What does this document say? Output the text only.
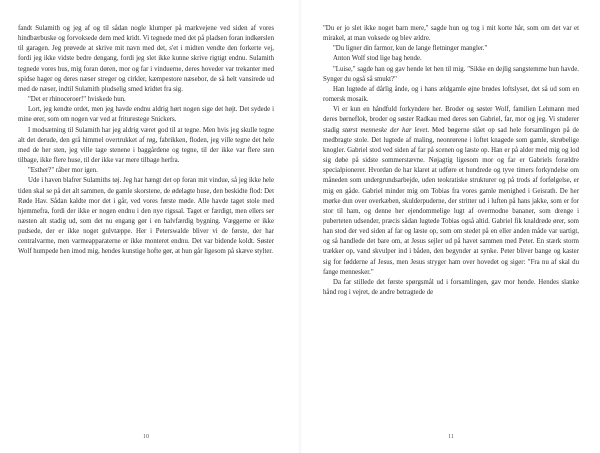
fandt Sulamith og jeg af og til sådan nogle klumper på markvejene ved siden af vores hindbærbuske og forvoksede dem med kridt. Vi tegnede med det på pladsen foran indkørslen til garagen. Jeg prøvede at skrive mit navn med det, s'et i midten vendte den forkerte vej, fordi jeg ikke vidste bedre dengang, fordi jeg slet ikke kunne skrive rigtigt endnu. Sulamith tegnede vores hus, mig foran døren, mor og far i vinduerne, deres hoveder var trekanter med spidse hager og deres næser streger og cirkler, kæmpestore næsebor, de så helt vansirede ud med de næser, indtil Sulamith pludselig smed kridtet fra sig.

"Det er rhinoceroer!" hviskede hun.

Lort, jeg kendte ordet, men jeg havde endnu aldrig hørt nogen sige det højt. Det sydede i mine ører, som om nogen var ved at friturestege Snickers.

I modsætning til Sulamith har jeg aldrig været god til at tegne. Men hvis jeg skulle tegne alt det derude, den grå himmel overtrukket af røg, fabrikken, floden, jeg ville tegne det hele med de her sten, jeg ville tage stenene i baggårdene og tegne, til der ikke var flere sten tilbage, ikke flere huse, til der ikke var mere tilbage herfra.

"Esther?" råber mor igen.

Ude i haven blafrer Sulamiths tøj. Jeg har hængt det op foran mit vindue, så jeg ikke hele tiden skal se på det alt sammen, de gamle skorstene, de ødelagte huse, den beskidte flod: Det Røde Hav. Sådan kaldte mor det i går, ved vores første møde. Alle havde taget stole med hjemmefra, fordi der ikke er nogen endnu i den nye rigssal. Taget er færdigt, men ellers ser næsten alt stadig ud, som det nu engang gør i en halvfærdig bygning. Væggerne er ikke pudsede, der er ikke noget gulvtæppe. Her i Peterswalde bliver vi de første, der har centralvarme, men varmeapparaterne er ikke monteret endnu. Det var bidende koldt. Søster Wolf humpede hen imod mig, hendes kunstige hofte gør, at hun går ligesom på skæve stylter.

10

"Du er jo slet ikke noget barn mere," sagde hun og tog i mit korte hår, som om det var et mirakel, at man voksede og blev ældre.

"Du ligner din farmor, kun de lange fletninger mangler."

Anton Wolf stod lige bag hende.

"Luise," sagde han og gav hende let hen til mig. "Sikke en dejlig sangstemme hun havde. Synger du også så smukt?"

Han lugtede af dårlig ånde, og i hans ældgamle øjne brødes loftslyset, det så ud som en romersk mosaik.

Vi er kun en håndfuld forkyndere her. Broder og søster Wolf, familien Lehmann med deres børneflok, broder og søster Radkau med deres søn Gabriel, far, mor og jeg. Vi studerer stadig størst menneske der har levet. Med bøgerne slået op sad hele forsamlingen på de medbragte stole. Det lugtede af maling, neonrørene i loftet knagede som gamle, skrøbelige knogler. Gabriel stod ved siden af far på scenen og læste op. Han er på alder med mig og lod sig døbe på sidste sommerstævne. Nøjagtig ligesom mor og far er Gabriels forældre specialpionerer. Hvordan de har klaret at udføre et hundrede og tyve timers forkyndelse om måneden som undergrundsarbejde, uden teokratiske strukturer og på trods af forfølgelse, er mig en gåde. Gabriel minder mig om Tobias fra vores gamle menighed i Geisrath. De her mørke dun over overkæben, skulderpuderne, der stritter ud i luften på hans jakke, som er for stor til ham, og denne her ejendommelige lugt af overmodne bananer, som drenge i puberteten udsender, præcis sådan lugtede Tobias også altid. Gabriel fik knaldrøde ører, som han stod der ved siden af far og læste op, som om stedet på en eller anden måde var uartigt, og så handlede det bare om, at Jesus sejler ud på havet sammen med Peter. En stærk storm trækker op, vand skvulper ind i båden, den begynder at synke. Peter bliver bange og kaster sig for fødderne af Jesus, men Jesus stryger ham over hovedet og siger: "Fra nu af skal du fange mennesker."

Da far stillede det første spørgsmål ud i forsamlingen, gav mor hende. Hendes slanke hånd rog i vejret, de andre betragtede de

11
